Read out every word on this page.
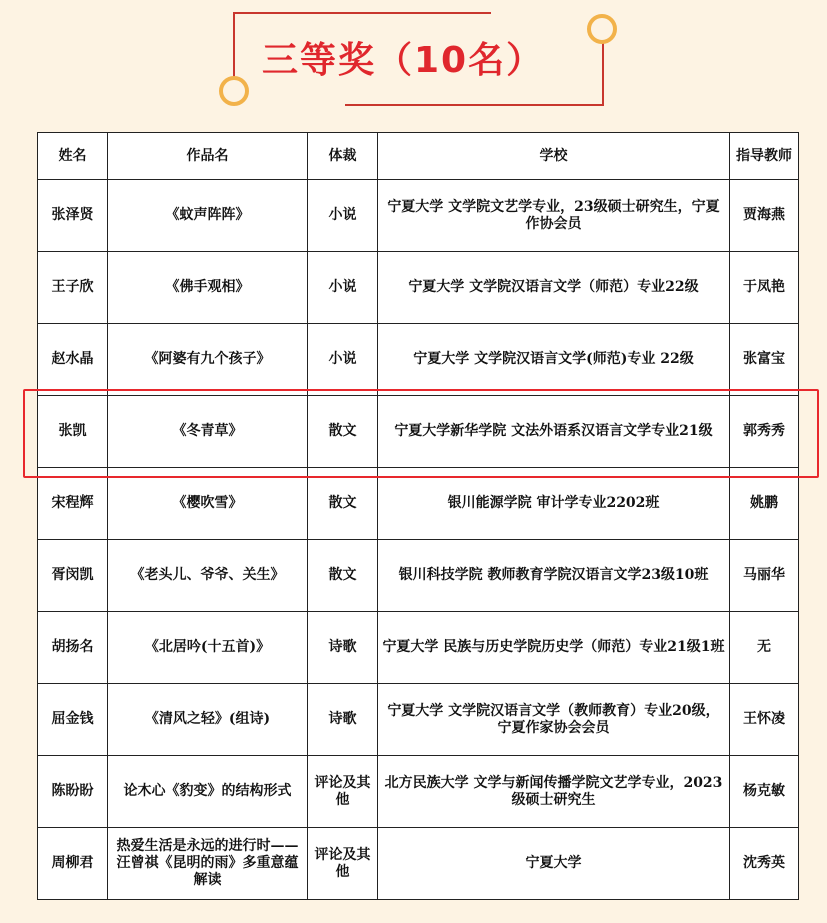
三等奖（10名）
姓名	作品名	体裁	学校	指导教师
张泽贤	《蚊声阵阵》	小说	宁夏大学 文学院文艺学专业，23级硕士研究生，宁夏作协会员	贾海燕
王子欣	《佛手观相》	小说	宁夏大学 文学院汉语言文学（师范）专业22级	于凤艳
赵水晶	《阿婆有九个孩子》	小说	宁夏大学 文学院汉语言文学(师范)专业 22级	张富宝
张凯	《冬青草》	散文	宁夏大学新华学院 文法外语系汉语言文学专业21级	郭秀秀
宋程辉	《樱吹雪》	散文	银川能源学院 审计学专业2202班	姚鹏
胥闵凯	《老头儿、爷爷、关生》	散文	银川科技学院 教师教育学院汉语言文学23级10班	马丽华
胡扬名	《北居吟(十五首)》	诗歌	宁夏大学 民族与历史学院历史学（师范）专业21级1班	无
屈金钱	《清风之轻》(组诗)	诗歌	宁夏大学 文学院汉语言文学（教师教育）专业20级，宁夏作家协会会员	王怀凌
陈盼盼	论木心《豹变》的结构形式	评论及其他	北方民族大学 文学与新闻传播学院文艺学专业，2023级硕士研究生	杨克敏
周柳君	热爱生活是永远的进行时——汪曾祺《昆明的雨》多重意蕴解读	评论及其他	宁夏大学	沈秀英
